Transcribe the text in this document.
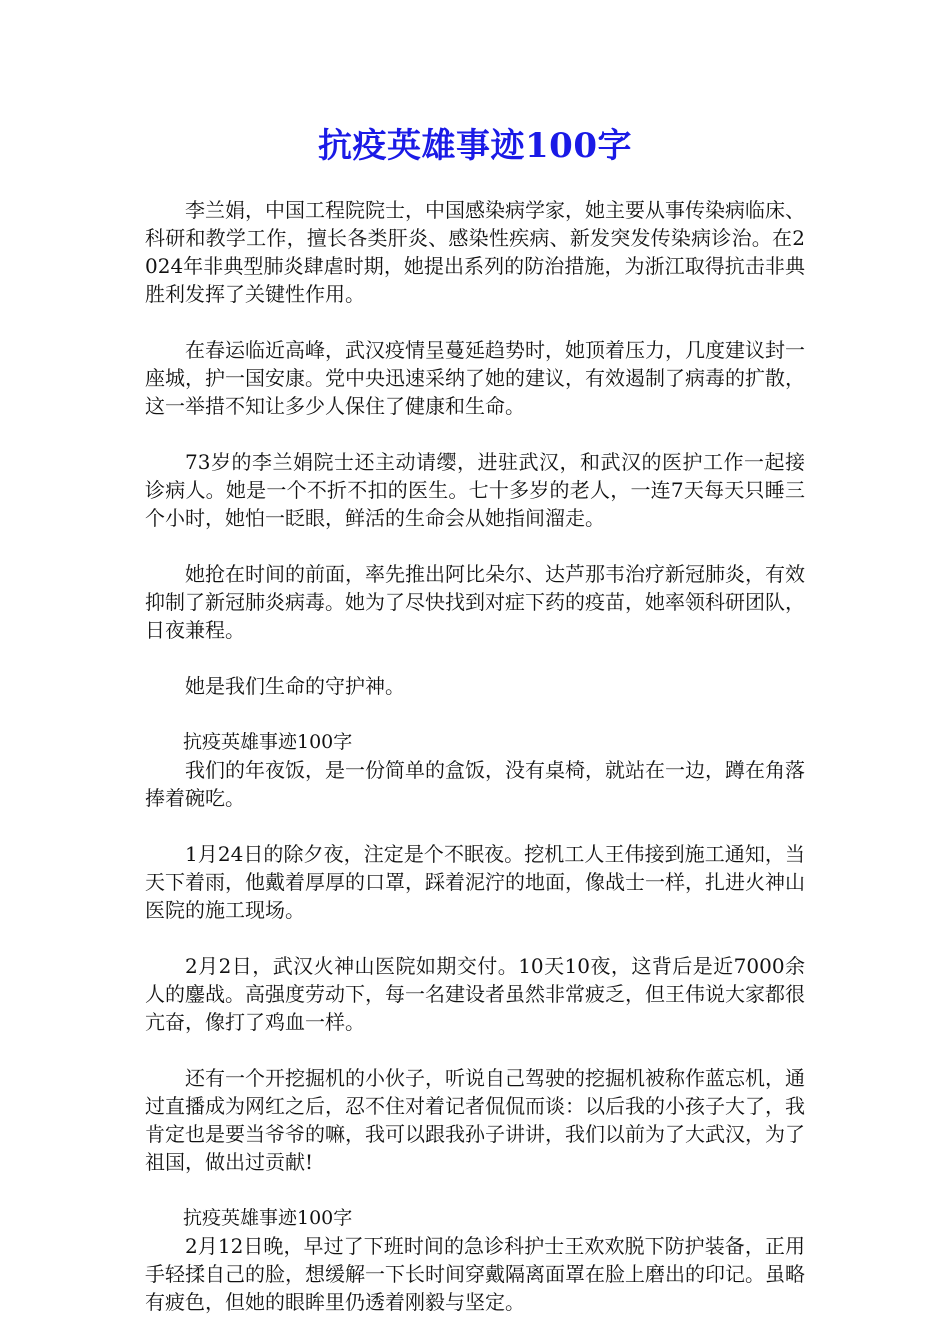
抗疫英雄事迹100字

李兰娟，中国工程院院士，中国感染病学家，她主要从事传染病临床、科研和教学工作，擅长各类肝炎、感染性疾病、新发突发传染病诊治。在2024年非典型肺炎肆虐时期，她提出系列的防治措施，为浙江取得抗击非典胜利发挥了关键性作用。

在春运临近高峰，武汉疫情呈蔓延趋势时，她顶着压力，几度建议封一座城，护一国安康。党中央迅速采纳了她的建议，有效遏制了病毒的扩散，这一举措不知让多少人保住了健康和生命。

73岁的李兰娟院士还主动请缨，进驻武汉，和武汉的医护工作一起接诊病人。她是一个不折不扣的医生。七十多岁的老人，一连7天每天只睡三个小时，她怕一眨眼，鲜活的生命会从她指间溜走。

她抢在时间的前面，率先推出阿比朵尔、达芦那韦治疗新冠肺炎，有效抑制了新冠肺炎病毒。她为了尽快找到对症下药的疫苗，她率领科研团队，日夜兼程。

她是我们生命的守护神。

抗疫英雄事迹100字

我们的年夜饭，是一份简单的盒饭，没有桌椅，就站在一边，蹲在角落捧着碗吃。

1月24日的除夕夜，注定是个不眠夜。挖机工人王伟接到施工通知，当天下着雨，他戴着厚厚的口罩，踩着泥泞的地面，像战士一样，扎进火神山医院的施工现场。

2月2日，武汉火神山医院如期交付。10天10夜，这背后是近7000余人的鏖战。高强度劳动下，每一名建设者虽然非常疲乏，但王伟说大家都很亢奋，像打了鸡血一样。

还有一个开挖掘机的小伙子，听说自己驾驶的挖掘机被称作蓝忘机，通过直播成为网红之后，忍不住对着记者侃侃而谈：以后我的小孩子大了，我肯定也是要当爷爷的嘛，我可以跟我孙子讲讲，我们以前为了大武汉，为了祖国，做出过贡献!

抗疫英雄事迹100字

2月12日晚，早过了下班时间的急诊科护士王欢欢脱下防护装备，正用手轻揉自己的脸，想缓解一下长时间穿戴隔离面罩在脸上磨出的印记。虽略有疲色，但她的眼眸里仍透着刚毅与坚定。
